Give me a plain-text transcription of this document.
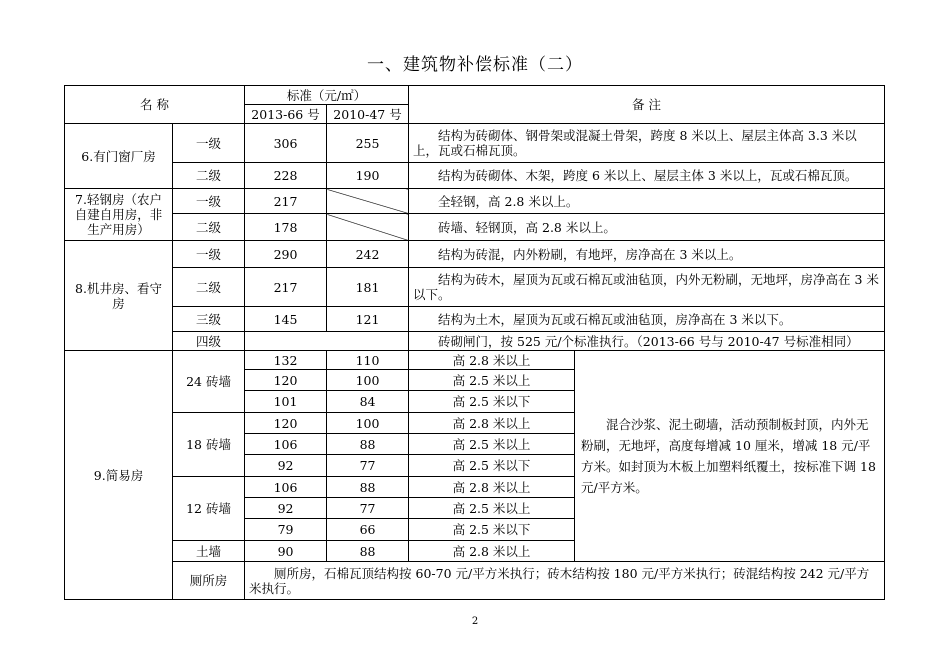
一、建筑物补偿标准（二）
名 称		标准（元/㎡）		备 注	
		2013-66 号	2010-47 号		
6.有门窗厂房	一级	306	255	结构为砖砌体、钢骨架或混凝土骨架，跨度 8 米以上、屋层主体高 3.3 米以上，瓦或石棉瓦顶。	
	二级	228	190	结构为砖砌体、木架，跨度 6 米以上、屋层主体 3 米以上，瓦或石棉瓦顶。	
7.轻钢房（农户自建自用房，非生产用房）	一级	217		全轻钢，高 2.8 米以上。	
	二级	178		砖墙、轻钢顶，高 2.8 米以上。	
8.机井房、看守房	一级	290	242	结构为砖混，内外粉刷，有地坪，房净高在 3 米以上。	
	二级	217	181	结构为砖木，屋顶为瓦或石棉瓦或油毡顶，内外无粉刷，无地坪，房净高在 3 米以下。	
	三级	145	121	结构为土木，屋顶为瓦或石棉瓦或油毡顶，房净高在 3 米以下。	
	四级			砖砌闸门，按 525 元/个标准执行。（2013-66 号与 2010-47 号标准相同）	
9.简易房	24 砖墙	132	110	高 2.8 米以上	混合沙浆、泥土砌墙，活动预制板封顶，内外无粉刷，无地坪，高度每增减 10 厘米，增减 18 元/平方米。如封顶为木板上加塑料纸覆土，按标准下调 18 元/平方米。
		120	100	高 2.5 米以上	
		101	84	高 2.5 米以下	
	18 砖墙	120	100	高 2.8 米以上	
		106	88	高 2.5 米以上	
		92	77	高 2.5 米以下	
	12 砖墙	106	88	高 2.8 米以上	
		92	77	高 2.5 米以上	
		79	66	高 2.5 米以下	
	土墙	90	88	高 2.8 米以上	
	厕所房	厕所房，石棉瓦顶结构按 60-70 元/平方米执行；砖木结构按 180 元/平方米执行；砖混结构按 242 元/平方米执行。			
2
